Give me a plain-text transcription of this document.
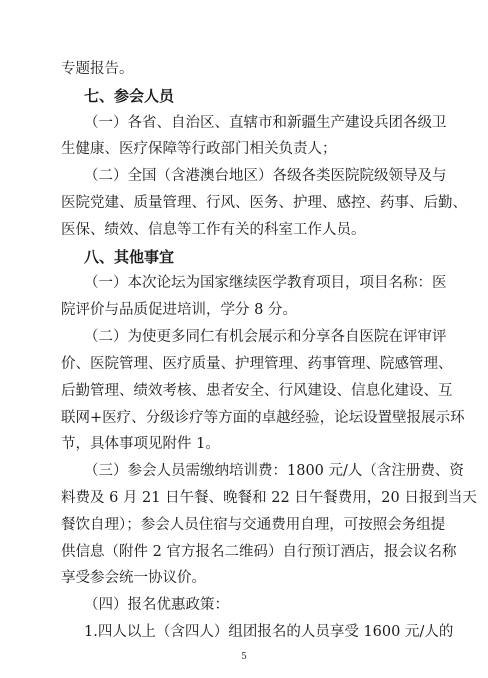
专题报告。
七、参会人员
（一）各省、自治区、直辖市和新疆生产建设兵团各级卫
生健康、医疗保障等行政部门相关负责人；
（二）全国（含港澳台地区）各级各类医院院级领导及与
医院党建、质量管理、行风、医务、护理、感控、药事、后勤、
医保、绩效、信息等工作有关的科室工作人员。
八、其他事宜
（一）本次论坛为国家继续医学教育项目，项目名称：医
院评价与品质促进培训，学分 8 分。
（二）为使更多同仁有机会展示和分享各自医院在评审评
价、医院管理、医疗质量、护理管理、药事管理、院感管理、
后勤管理、绩效考核、患者安全、行风建设、信息化建设、互
联网+医疗、分级诊疗等方面的卓越经验，论坛设置壁报展示环
节，具体事项见附件 1。
（三）参会人员需缴纳培训费：1800 元/人（含注册费、资
料费及 6 月 21 日午餐、晚餐和 22 日午餐费用，20 日报到当天
餐饮自理）；参会人员住宿与交通费用自理，可按照会务组提
供信息（附件 2 官方报名二维码）自行预订酒店，报会议名称
享受参会统一协议价。
（四）报名优惠政策：
1.四人以上（含四人）组团报名的人员享受 1600 元/人的
5
